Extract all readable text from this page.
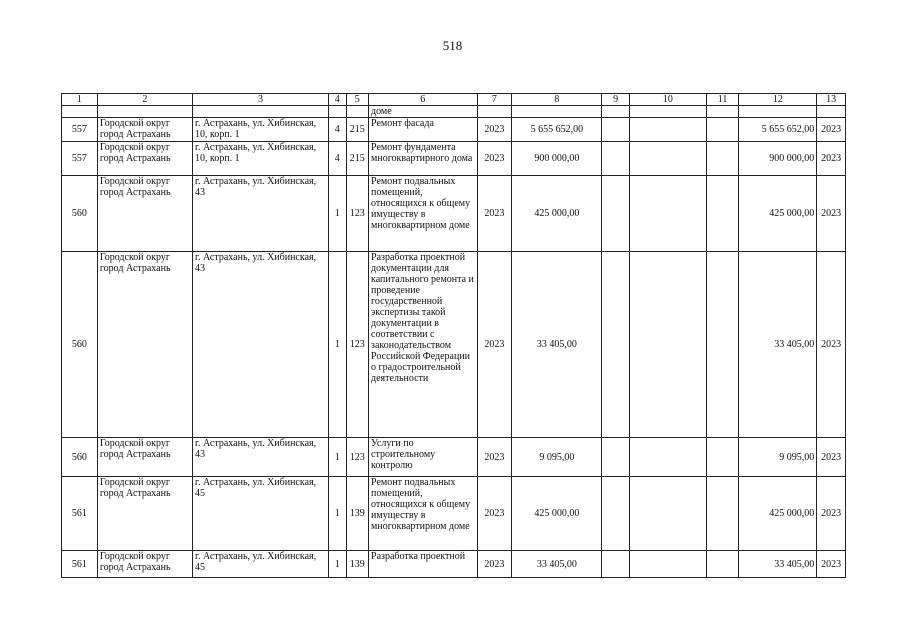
518
1	2	3	4	5	6	7	8	9	10	11	12	13
					доме							
557	Городской округ город Астрахань	г. Астрахань, ул. Хибинская, 10, корп. 1	4	215	Ремонт фасада	2023	5 655 652,00				5 655 652,00	2023
557	Городской округ город Астрахань	г. Астрахань, ул. Хибинская, 10, корп. 1	4	215	Ремонт фундамента многоквартирного дома	2023	900 000,00				900 000,00	2023
560	Городской округ город Астрахань	г. Астрахань, ул. Хибинская, 43	1	123	Ремонт подвальных помещений, относящихся к общему имуществу в многоквартирном доме	2023	425 000,00				425 000,00	2023
560	Городской округ город Астрахань	г. Астрахань, ул. Хибинская, 43	1	123	Разработка проектной документации для капитального ремонта и проведение государственной экспертизы такой документации в соответствии с законодательством Российской Федерации о градостроительной деятельности	2023	33 405,00				33 405,00	2023
560	Городской округ город Астрахань	г. Астрахань, ул. Хибинская, 43	1	123	Услуги по строительному контролю	2023	9 095,00				9 095,00	2023
561	Городской округ город Астрахань	г. Астрахань, ул. Хибинская, 45	1	139	Ремонт подвальных помещений, относящихся к общему имуществу в многоквартирном доме	2023	425 000,00				425 000,00	2023
561	Городской округ город Астрахань	г. Астрахань, ул. Хибинская, 45	1	139	Разработка проектной	2023	33 405,00				33 405,00	2023
